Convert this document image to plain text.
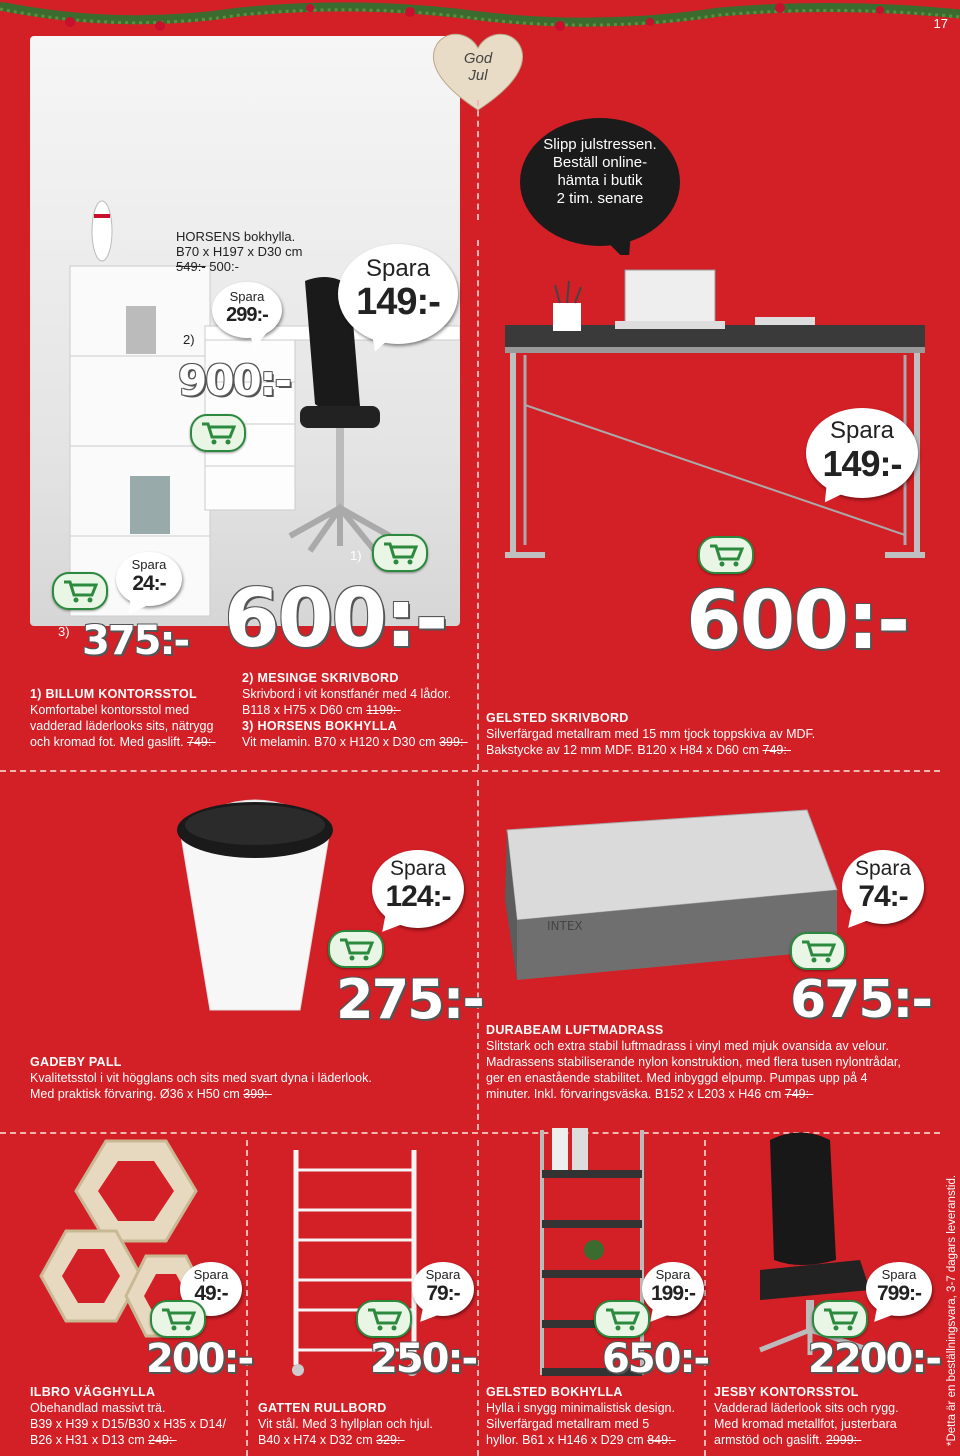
17
God
Jul
Slipp julstressen.
Beställ online-
hämta i butik
2 tim. senare
HORSENS bokhylla.
B70 x H197 x D30 cm
549:- 500:-
2)
Spara
299:-
Spara
149:-
900:-
Spara
149:-
1)
3)
Spara
24:-
375:- 600:-	600:-
1) BILLUM KONTORSSTOL
Komfortabel kontorsstol med
vadderad läderlooks sits, nätrygg
och kromad fot. Med gaslift. 749:-
2) MESINGE SKRIVBORD
Skrivbord i vit konstfanér med 4 lådor.
B118 x H75 x D60 cm 1199:-
3) HORSENS BOKHYLLA
Vit melamin. B70 x H120 x D30 cm 399:-
GELSTED SKRIVBORD
Silverfärgad metallram med 15 mm tjock toppskiva av MDF.
Bakstycke av 12 mm MDF. B120 x H84 x D60 cm 749:-
Spara
124:-
275:-
GADEBY PALL
Kvalitetsstol i vit högglans och sits med svart dyna i läderlook.
Med praktisk förvaring. Ø36 x H50 cm 399:-
INTEX
Spara
74:-
675:-
DURABEAM LUFTMADRASS
Slitstark och extra stabil luftmadrass i vinyl med mjuk ovansida av velour.
Madrassens stabiliserande nylon konstruktion, med flera tusen nylontrådar,
ger en enastående stabilitet. Med inbyggd elpump. Pumpas upp på 4
minuter. Inkl. förvaringsväska. B152 x L203 x H46 cm 749:-
Spara
49:-
200:-
Spara
79:-
250:-
Spara
199:-
650:-
Spara
799:-
2200:-
ILBRO VÄGGHYLLA
Obehandlad massivt trä.
B39 x H39 x D15/B30 x H35 x D14/
B26 x H31 x D13 cm 249:-
GATTEN RULLBORD
Vit stål. Med 3 hyllplan och hjul.
B40 x H74 x D32 cm 329:-
GELSTED BOKHYLLA
Hylla i snygg minimalistisk design.
Silverfärgad metallram med 5
hyllor. B61 x H146 x D29 cm 849:-
JESBY KONTORSSTOL
Vadderad läderlook sits och rygg.
Med kromad metallfot, justerbara
armstöd och gaslift. 2999:-	*Detta är en beställningsvara, 3-7 dagars leveranstid.
